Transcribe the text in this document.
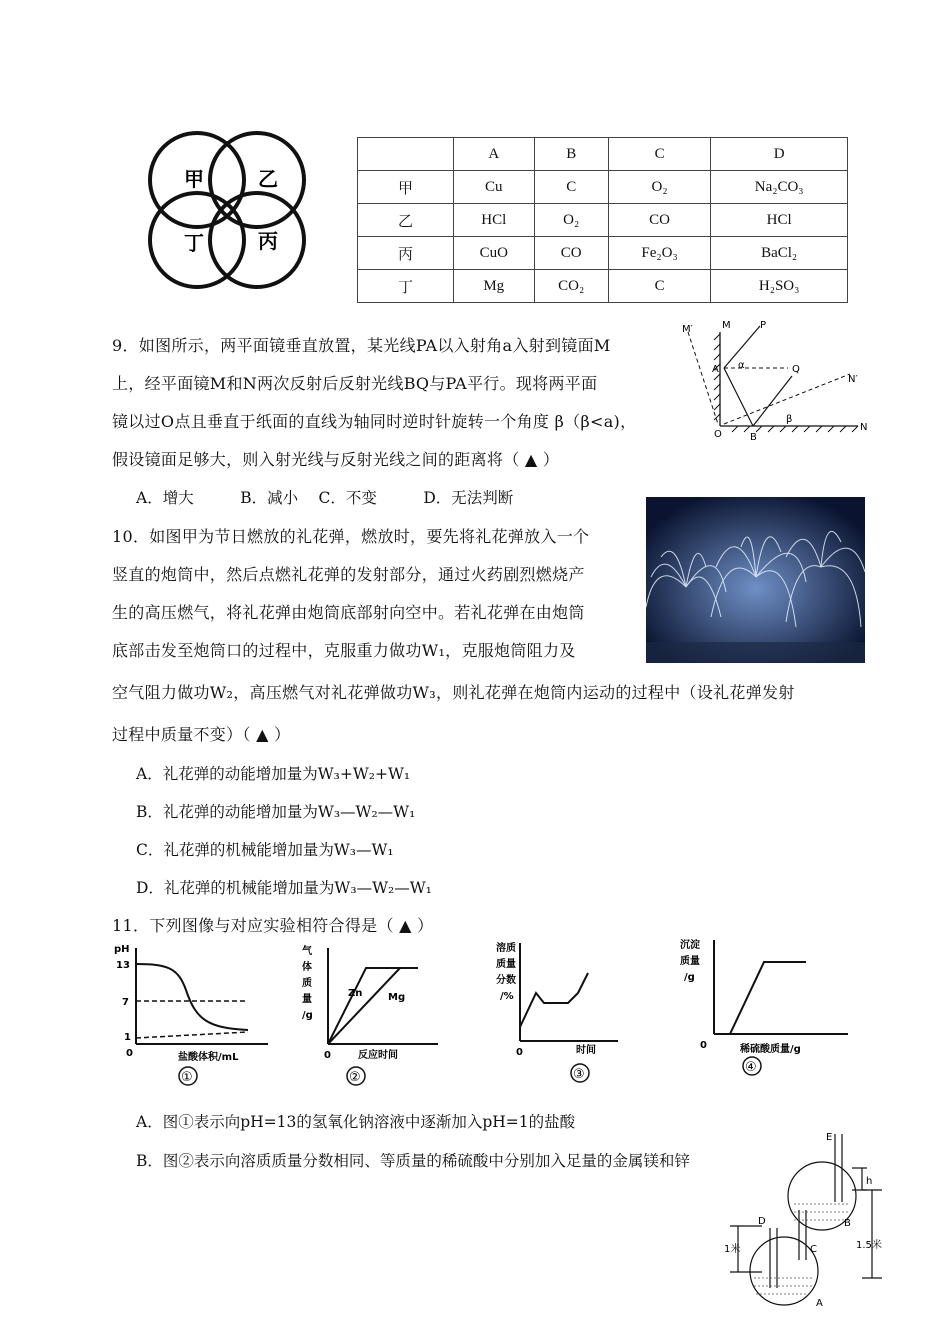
甲	乙
丁	丙
	A	B	C	D
甲	Cu	C	O₂	Na₂CO₃
乙	HCl	O₂	CO	HCl
丙	CuO	CO	Fe₂O₃	BaCl₂
丁	Mg	CO₂	C	H₂SO₃
9．如图所示，两平面镜垂直放置，某光线PA以入射角a入射到镜面M
上，经平面镜M和N两次反射后反射光线BQ与PA平行。现将两平面
镜以过O点且垂直于纸面的直线为轴同时逆时针旋转一个角度 β（β<a)，
假设镜面足够大，则入射光线与反射光线之间的距离将（ ▲ ）
A．增大　　　B．减小　 C．不变　　　D．无法判断
M′	M	P
A α	Q
N′
O	B
β
N
10．如图甲为节日燃放的礼花弹，燃放时，要先将礼花弹放入一个
竖直的炮筒中，然后点燃礼花弹的发射部分，通过火药剧烈燃烧产
生的高压燃气，将礼花弹由炮筒底部射向空中。若礼花弹在由炮筒
底部击发至炮筒口的过程中，克服重力做功W₁，克服炮筒阻力及
空气阻力做功W₂，高压燃气对礼花弹做功W₃，则礼花弹在炮筒内运动的过程中（设礼花弹发射
过程中质量不变）（ ▲ ）
A．礼花弹的动能增加量为W₃+W₂+W₁
B．礼花弹的动能增加量为W₃—W₂—W₁
C．礼花弹的机械能增加量为W₃—W₁
D．礼花弹的机械能增加量为W₃—W₂—W₁
11．下列图像与对应实验相符合得是（ ▲ ）
pH
13
7
1
0	盐酸体积/mL
①
气
体
质
量
/g
Zn	Mg
0	反应时间
②
溶质
质量
分数
/%
0	时间
③
沉淀
质量
/g
0	稀硫酸质量/g
④
A．图①表示向pH=13的氢氧化钠溶液中逐渐加入pH=1的盐酸
B．图②表示向溶质质量分数相同、等质量的稀硫酸中分别加入足量的金属镁和锌
E
h
B
D
1米	C	1.5米
A
